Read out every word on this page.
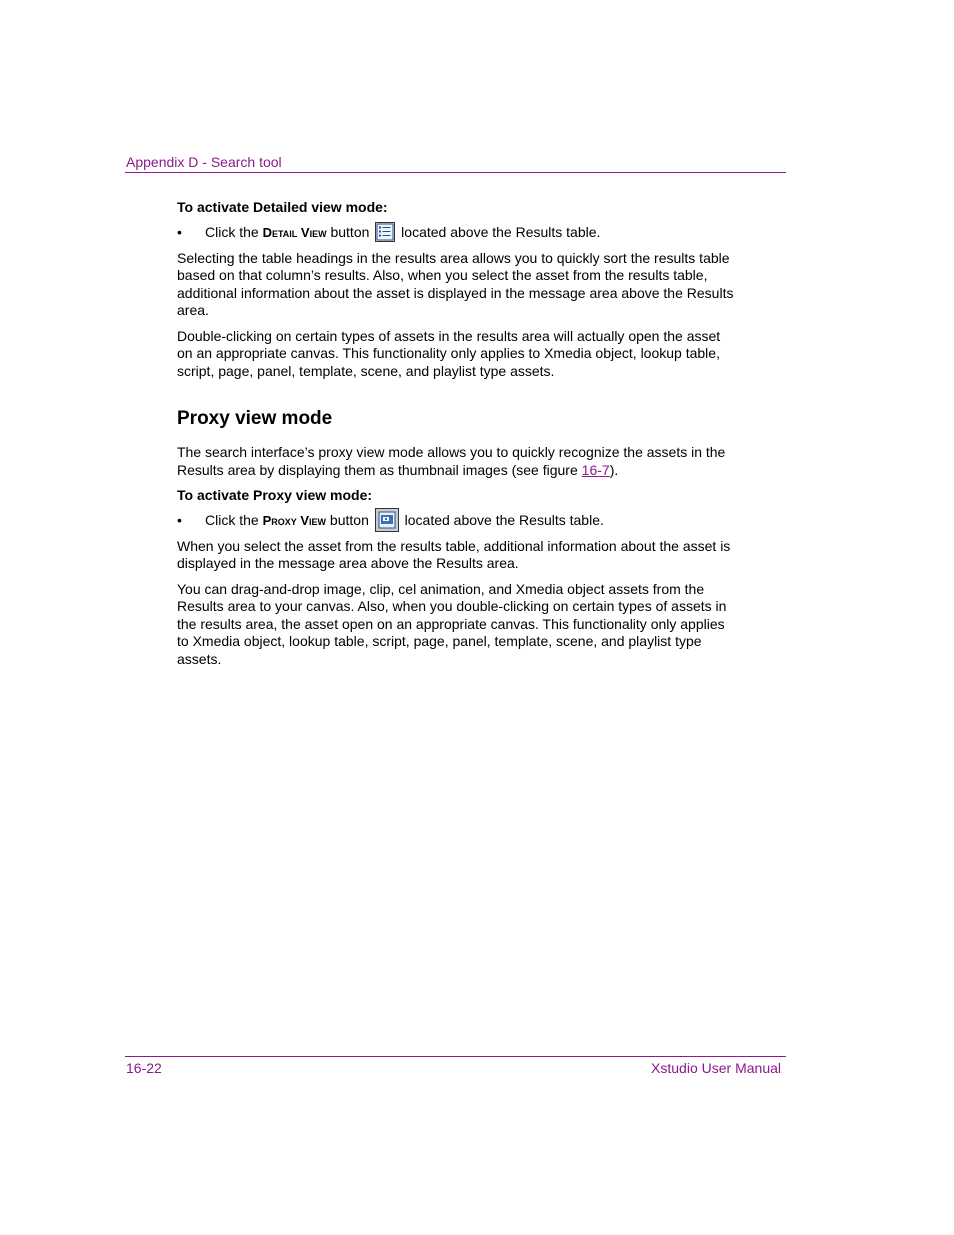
Appendix D - Search tool

To activate Detailed view mode:

• Click the Detail View button  located above the Results table.

Selecting the table headings in the results area allows you to quickly sort the results table based on that column’s results. Also, when you select the asset from the results table, additional information about the asset is displayed in the message area above the Results area.

Double-clicking on certain types of assets in the results area will actually open the asset on an appropriate canvas. This functionality only applies to Xmedia object, lookup table, script, page, panel, template, scene, and playlist type assets.

Proxy view mode

The search interface’s proxy view mode allows you to quickly recognize the assets in the Results area by displaying them as thumbnail images (see figure 16-7).

To activate Proxy view mode:

• Click the Proxy View button  located above the Results table.

When you select the asset from the results table, additional information about the asset is displayed in the message area above the Results area.

You can drag-and-drop image, clip, cel animation, and Xmedia object assets from the Results area to your canvas. Also, when you double-clicking on certain types of assets in the results area, the asset open on an appropriate canvas. This functionality only applies to Xmedia object, lookup table, script, page, panel, template, scene, and playlist type assets.

16-22	Xstudio User Manual
